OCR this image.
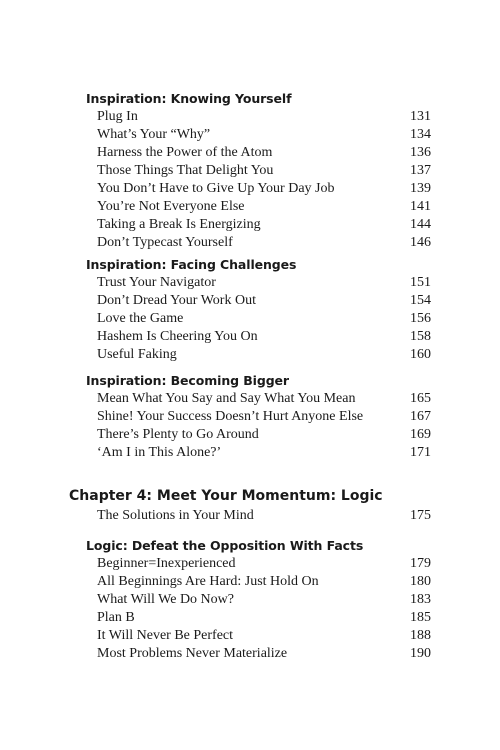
Inspiration: Knowing Yourself
Plug In	131
What’s Your “Why”	134
Harness the Power of the Atom	136
Those Things That Delight You	137
You Don’t Have to Give Up Your Day Job	139
You’re Not Everyone Else	141
Taking a Break Is Energizing	144
Don’t Typecast Yourself	146
Inspiration: Facing Challenges
Trust Your Navigator	151
Don’t Dread Your Work Out	154
Love the Game	156
Hashem Is Cheering You On	158
Useful Faking	160
Inspiration: Becoming Bigger
Mean What You Say and Say What You Mean	165
Shine! Your Success Doesn’t Hurt Anyone Else	167
There’s Plenty to Go Around	169
‘Am I in This Alone?’	171
Chapter 4: Meet Your Momentum: Logic
The Solutions in Your Mind	175
Logic: Defeat the Opposition With Facts
Beginner=Inexperienced	179
All Beginnings Are Hard: Just Hold On	180
What Will We Do Now?	183
Plan B	185
It Will Never Be Perfect	188
Most Problems Never Materialize	190
